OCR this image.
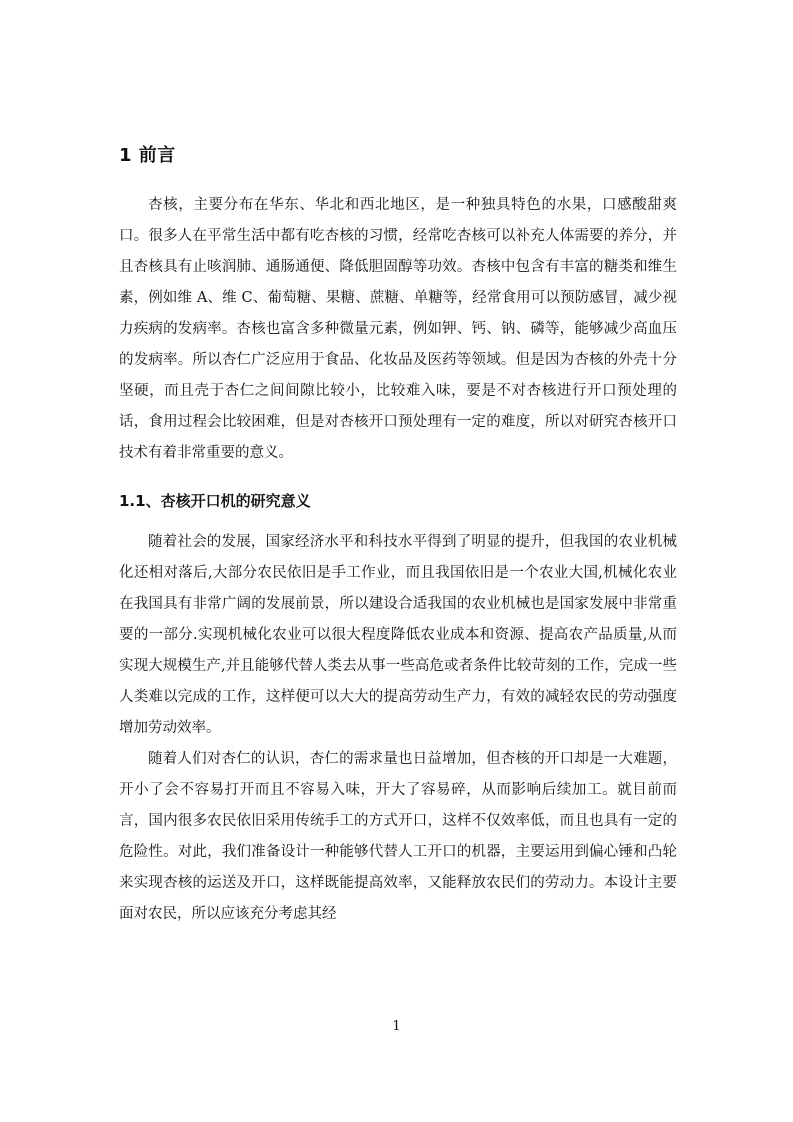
1 前言

杏核，主要分布在华东、华北和西北地区，是一种独具特色的水果，口感酸甜爽口。很多人在平常生活中都有吃杏核的习惯，经常吃杏核可以补充人体需要的养分，并且杏核具有止咳润肺、通肠通便、降低胆固醇等功效。杏核中包含有丰富的糖类和维生素，例如维 A、维 C、葡萄糖、果糖、蔗糖、单糖等，经常食用可以预防感冒，减少视力疾病的发病率。杏核也富含多种微量元素，例如钾、钙、钠、磷等，能够减少高血压的发病率。所以杏仁广泛应用于食品、化妆品及医药等领域。但是因为杏核的外壳十分坚硬，而且壳于杏仁之间间隙比较小，比较难入味，要是不对杏核进行开口预处理的话，食用过程会比较困难，但是对杏核开口预处理有一定的难度，所以对研究杏核开口技术有着非常重要的意义。

1.1、杏核开口机的研究意义

随着社会的发展，国家经济水平和科技水平得到了明显的提升，但我国的农业机械化还相对落后,大部分农民依旧是手工作业，而且我国依旧是一个农业大国,机械化农业在我国具有非常广阔的发展前景，所以建设合适我国的农业机械也是国家发展中非常重要的一部分.实现机械化农业可以很大程度降低农业成本和资源、提高农产品质量,从而实现大规模生产,并且能够代替人类去从事一些高危或者条件比较苛刻的工作，完成一些人类难以完成的工作，这样便可以大大的提高劳动生产力，有效的减轻农民的劳动强度增加劳动效率。

随着人们对杏仁的认识，杏仁的需求量也日益增加，但杏核的开口却是一大难题，开小了会不容易打开而且不容易入味，开大了容易碎，从而影响后续加工。就目前而言，国内很多农民依旧采用传统手工的方式开口，这样不仅效率低，而且也具有一定的危险性。对此，我们准备设计一种能够代替人工开口的机器，主要运用到偏心锤和凸轮来实现杏核的运送及开口，这样既能提高效率，又能释放农民们的劳动力。本设计主要面对农民，所以应该充分考虑其经

1
